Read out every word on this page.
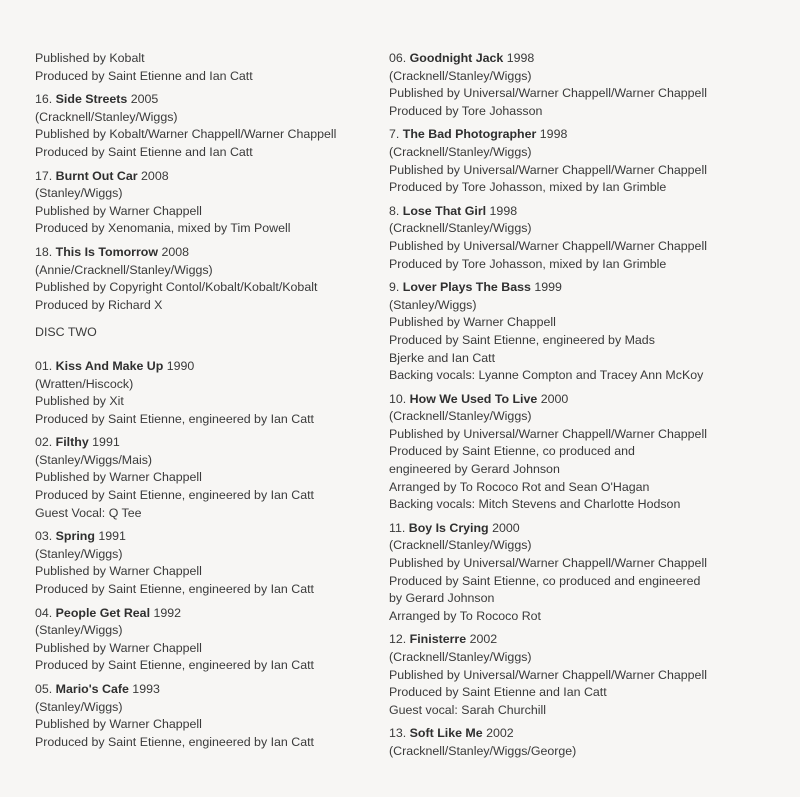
Published by Kobalt
Produced by Saint Etienne and Ian Catt
16. Side Streets 2005
(Cracknell/Stanley/Wiggs)
Published by Kobalt/Warner Chappell/Warner Chappell
Produced by Saint Etienne and Ian Catt
17. Burnt Out Car 2008
(Stanley/Wiggs)
Published by Warner Chappell
Produced by Xenomania, mixed by Tim Powell
18. This Is Tomorrow 2008
(Annie/Cracknell/Stanley/Wiggs)
Published by Copyright Contol/Kobalt/Kobalt/Kobalt
Produced by Richard X
DISC TWO
01. Kiss And Make Up 1990
(Wratten/Hiscock)
Published by Xit
Produced by Saint Etienne, engineered by Ian Catt
02. Filthy 1991
(Stanley/Wiggs/Mais)
Published by Warner Chappell
Produced by Saint Etienne, engineered by Ian Catt
Guest Vocal: Q Tee
03. Spring 1991
(Stanley/Wiggs)
Published by Warner Chappell
Produced by Saint Etienne, engineered by Ian Catt
04. People Get Real 1992
(Stanley/Wiggs)
Published by Warner Chappell
Produced by Saint Etienne, engineered by Ian Catt
05. Mario's Cafe 1993
(Stanley/Wiggs)
Published by Warner Chappell
Produced by Saint Etienne, engineered by Ian Catt
06. Goodnight Jack 1998
(Cracknell/Stanley/Wiggs)
Published by Universal/Warner Chappell/Warner Chappell
Produced by Tore Johasson
7. The Bad Photographer 1998
(Cracknell/Stanley/Wiggs)
Published by Universal/Warner Chappell/Warner Chappell
Produced by Tore Johasson, mixed by Ian Grimble
8. Lose That Girl 1998
(Cracknell/Stanley/Wiggs)
Published by Universal/Warner Chappell/Warner Chappell
Produced by Tore Johasson, mixed by Ian Grimble
9. Lover Plays The Bass 1999
(Stanley/Wiggs)
Published by Warner Chappell
Produced by Saint Etienne, engineered by Mads
Bjerke and Ian Catt
Backing vocals: Lyanne Compton and Tracey Ann McKoy
10. How We Used To Live 2000
(Cracknell/Stanley/Wiggs)
Published by Universal/Warner Chappell/Warner Chappell
Produced by Saint Etienne, co produced and
engineered by Gerard Johnson
Arranged by To Rococo Rot and Sean O'Hagan
Backing vocals: Mitch Stevens and Charlotte Hodson
11. Boy Is Crying 2000
(Cracknell/Stanley/Wiggs)
Published by Universal/Warner Chappell/Warner Chappell
Produced by Saint Etienne, co produced and engineered
by Gerard Johnson
Arranged by To Rococo Rot
12. Finisterre 2002
(Cracknell/Stanley/Wiggs)
Published by Universal/Warner Chappell/Warner Chappell
Produced by Saint Etienne and Ian Catt
Guest vocal: Sarah Churchill
13. Soft Like Me 2002
(Cracknell/Stanley/Wiggs/George)
